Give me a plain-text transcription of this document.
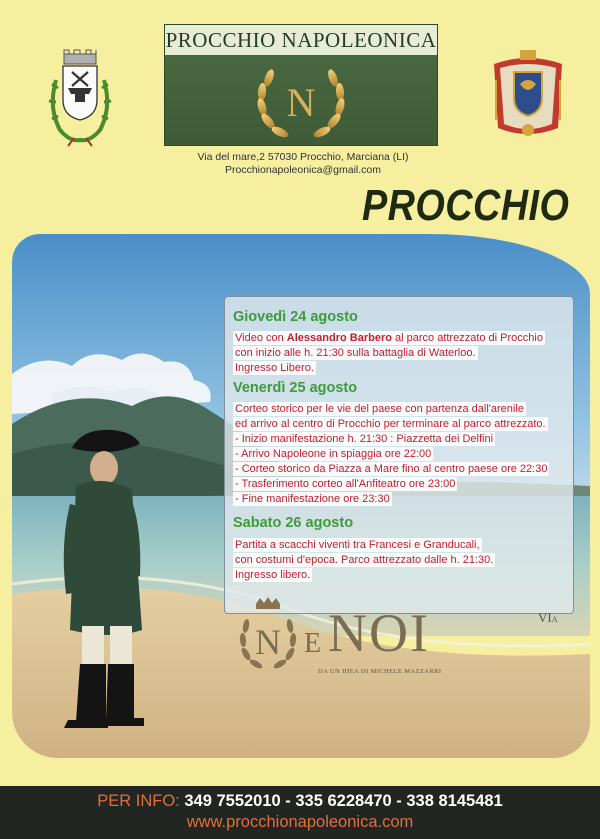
PROCCHIO NAPOLEONICA
N
Via del mare,2 57030 Procchio, Marciana (LI)
Procchionapoleonica@gmail.com
PROCCHIO
Giovedì 24 agosto
Video con Alessandro Barbero al parco attrezzato di Procchio
con inizio alle h. 21:30 sulla battaglia di Waterloo.
Ingresso Libero.
Venerdì 25 agosto
Corteo storico per le vie del paese con partenza dall'arenile
ed arrivo al centro di Procchio per terminare al parco attrezzato.
- Inizio manifestazione h. 21:30 : Piazzetta dei Delfini
- Arrivo Napoleone in spiaggia ore 22:00
- Corteo storico da Piazza a Mare fino al centro paese ore 22:30
- Trasferimento corteo all'Anfiteatro ore 23:00
- Fine manifestazione ore 23:30
Sabato 26 agosto
Partita a scacchi viventi tra Francesi e Granducali,
con costumi d'epoca. Parco attrezzato dalle h. 21:30.
Ingresso libero.
N E NOI	VIA
DA UN IDEA DI MICHELE MAZZARRI
PER INFO: 349 7552010 - 335 6228470 - 338 8145481
www.procchionapoleonica.com
